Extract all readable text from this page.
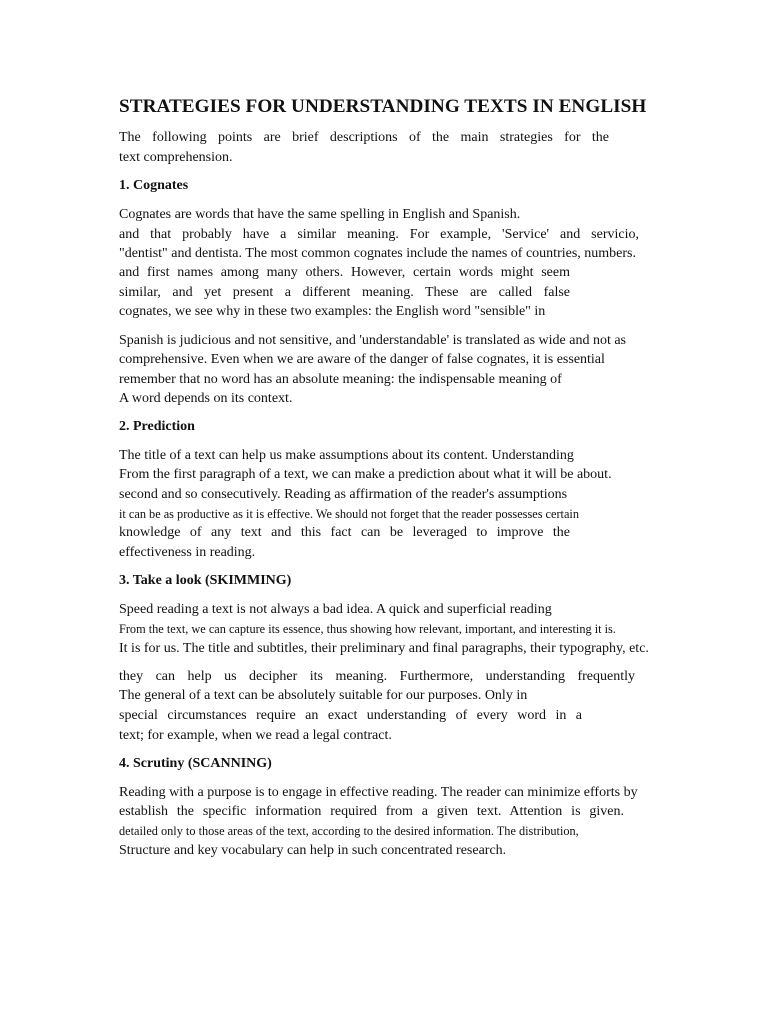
STRATEGIES FOR UNDERSTANDING TEXTS IN ENGLISH

The following points are brief descriptions of the main strategies for the

text comprehension.

1. Cognates

Cognates are words that have the same spelling in English and Spanish.

and that probably have a similar meaning. For example, 'Service' and servicio,

"dentist" and dentista. The most common cognates include the names of countries, numbers.

and first names among many others. However, certain words might seem

similar, and yet present a different meaning. These are called false

cognates, we see why in these two examples: the English word "sensible" in

Spanish is judicious and not sensitive, and 'understandable' is translated as wide and not as

comprehensive. Even when we are aware of the danger of false cognates, it is essential

remember that no word has an absolute meaning: the indispensable meaning of

A word depends on its context.

2. Prediction

The title of a text can help us make assumptions about its content. Understanding

From the first paragraph of a text, we can make a prediction about what it will be about.

second and so consecutively. Reading as affirmation of the reader's assumptions

it can be as productive as it is effective. We should not forget that the reader possesses certain

knowledge of any text and this fact can be leveraged to improve the

effectiveness in reading.

3. Take a look (SKIMMING)

Speed reading a text is not always a bad idea. A quick and superficial reading

From the text, we can capture its essence, thus showing how relevant, important, and interesting it is.

It is for us. The title and subtitles, their preliminary and final paragraphs, their typography, etc.

they can help us decipher its meaning. Furthermore, understanding frequently

The general of a text can be absolutely suitable for our purposes. Only in

special circumstances require an exact understanding of every word in a

text; for example, when we read a legal contract.

4. Scrutiny (SCANNING)

Reading with a purpose is to engage in effective reading. The reader can minimize efforts by

establish the specific information required from a given text. Attention is given.

detailed only to those areas of the text, according to the desired information. The distribution,

Structure and key vocabulary can help in such concentrated research.
